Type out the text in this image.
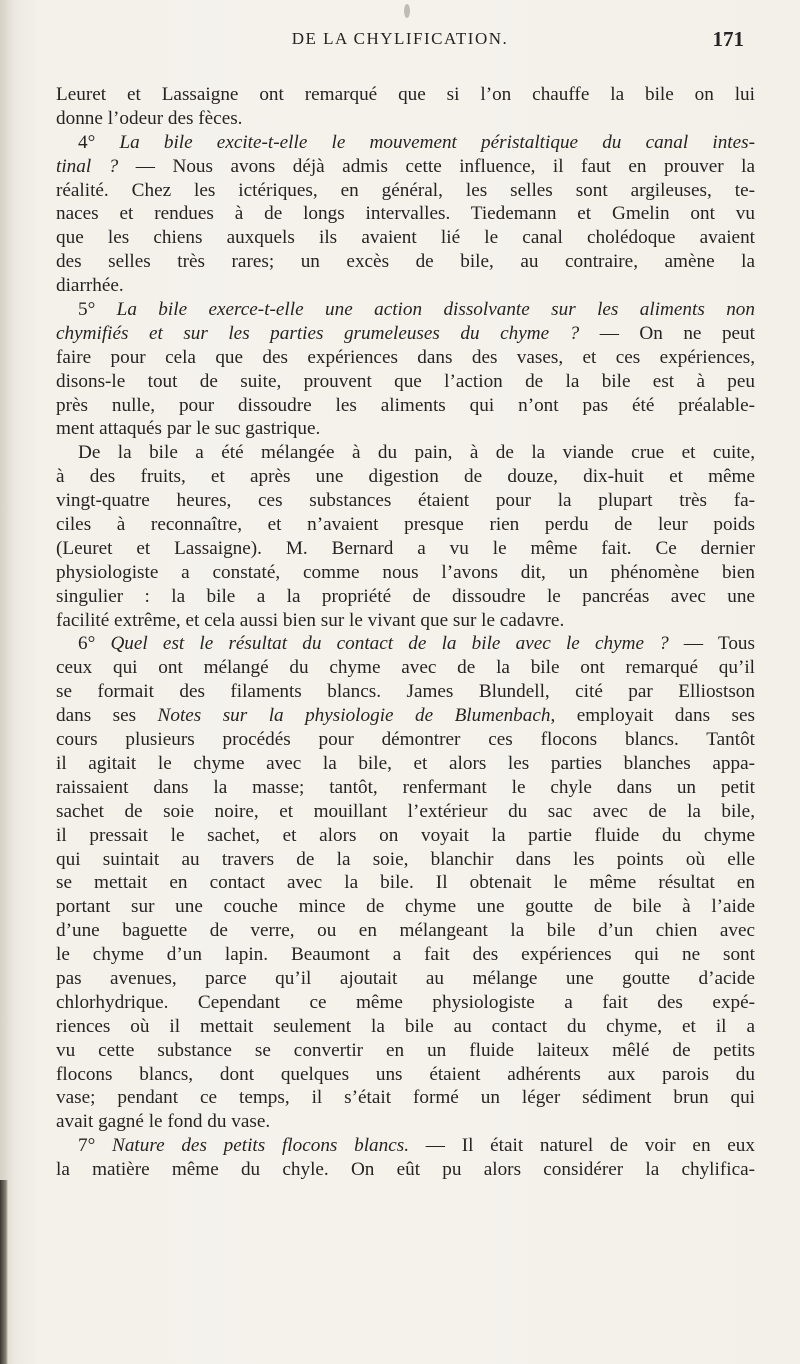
DE LA CHYLIFICATION.	171
Leuret et Lassaigne ont remarqué que si l’on chauffe la bile on lui
donne l’odeur des fèces.
4° La bile excite-t-elle le mouvement péristaltique du canal intes-
tinal ? — Nous avons déjà admis cette influence, il faut en prouver la
réalité. Chez les ictériques, en général, les selles sont argileuses, te-
naces et rendues à de longs intervalles. Tiedemann et Gmelin ont vu
que les chiens auxquels ils avaient lié le canal cholédoque avaient
des selles très rares; un excès de bile, au contraire, amène la
diarrhée.
5° La bile exerce-t-elle une action dissolvante sur les aliments non
chymifiés et sur les parties grumeleuses du chyme ? — On ne peut
faire pour cela que des expériences dans des vases, et ces expériences,
disons-le tout de suite, prouvent que l’action de la bile est à peu
près nulle, pour dissoudre les aliments qui n’ont pas été préalable-
ment attaqués par le suc gastrique.
De la bile a été mélangée à du pain, à de la viande crue et cuite,
à des fruits, et après une digestion de douze, dix-huit et même
vingt-quatre heures, ces substances étaient pour la plupart très fa-
ciles à reconnaître, et n’avaient presque rien perdu de leur poids
(Leuret et Lassaigne). M. Bernard a vu le même fait. Ce dernier
physiologiste a constaté, comme nous l’avons dit, un phénomène bien
singulier : la bile a la propriété de dissoudre le pancréas avec une
facilité extrême, et cela aussi bien sur le vivant que sur le cadavre.
6° Quel est le résultat du contact de la bile avec le chyme ? — Tous
ceux qui ont mélangé du chyme avec de la bile ont remarqué qu’il
se formait des filaments blancs. James Blundell, cité par Elliostson
dans ses Notes sur la physiologie de Blumenbach, employait dans ses
cours plusieurs procédés pour démontrer ces flocons blancs. Tantôt
il agitait le chyme avec la bile, et alors les parties blanches appa-
raissaient dans la masse; tantôt, renfermant le chyle dans un petit
sachet de soie noire, et mouillant l’extérieur du sac avec de la bile,
il pressait le sachet, et alors on voyait la partie fluide du chyme
qui suintait au travers de la soie, blanchir dans les points où elle
se mettait en contact avec la bile. Il obtenait le même résultat en
portant sur une couche mince de chyme une goutte de bile à l’aide
d’une baguette de verre, ou en mélangeant la bile d’un chien avec
le chyme d’un lapin. Beaumont a fait des expériences qui ne sont
pas avenues, parce qu’il ajoutait au mélange une goutte d’acide
chlorhydrique. Cependant ce même physiologiste a fait des expé-
riences où il mettait seulement la bile au contact du chyme, et il a
vu cette substance se convertir en un fluide laiteux mêlé de petits
flocons blancs, dont quelques uns étaient adhérents aux parois du
vase; pendant ce temps, il s’était formé un léger sédiment brun qui
avait gagné le fond du vase.
7° Nature des petits flocons blancs. — Il était naturel de voir en eux
la matière même du chyle. On eût pu alors considérer la chylifica-
